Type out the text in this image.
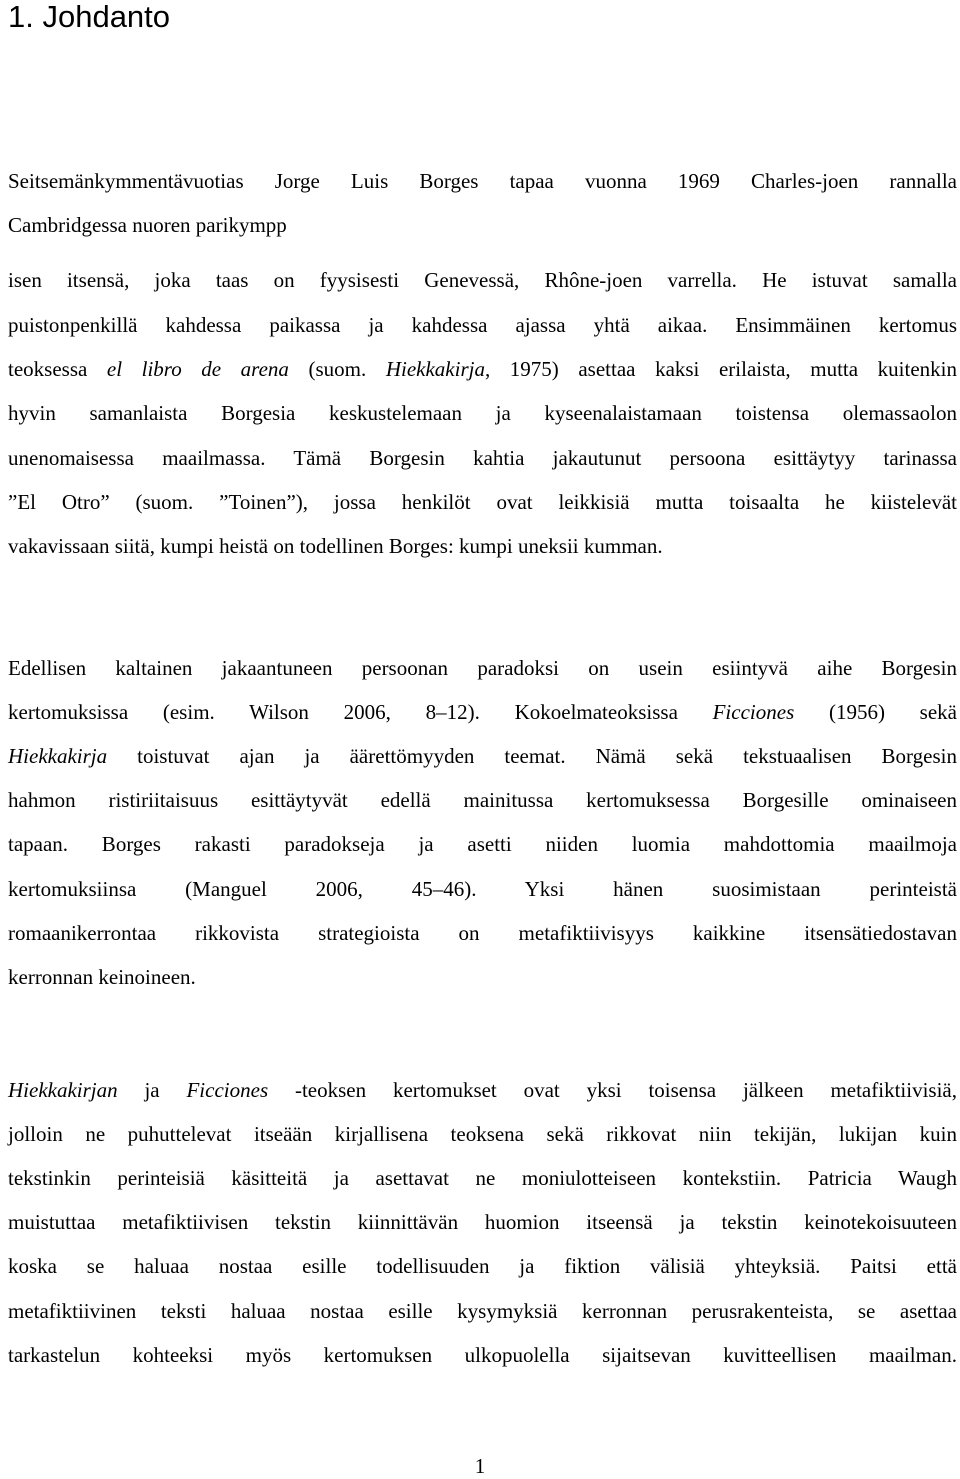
1. Johdanto
Seitsemänkymmentävuotias Jorge Luis Borges tapaa vuonna 1969 Charles-joen rannalla
Cambridgessa nuoren parikympp
isen itsensä, joka taas on fyysisesti Genevessä, Rhône-joen varrella. He istuvat samalla
puistonpenkillä kahdessa paikassa ja kahdessa ajassa yhtä aikaa. Ensimmäinen kertomus
teoksessa el libro de arena (suom. Hiekkakirja, 1975) asettaa kaksi erilaista, mutta kuitenkin
hyvin samanlaista Borgesia keskustelemaan ja kyseenalaistamaan toistensa olemassaolon
unenomaisessa maailmassa. Tämä Borgesin kahtia jakautunut persoona esittäytyy tarinassa
”El Otro” (suom. ”Toinen”), jossa henkilöt ovat leikkisiä mutta toisaalta he kiistelevät
vakavissaan siitä, kumpi heistä on todellinen Borges: kumpi uneksii kumman.
Edellisen kaltainen jakaantuneen persoonan paradoksi on usein esiintyvä aihe Borgesin
kertomuksissa (esim. Wilson 2006, 8–12). Kokoelmateoksissa Ficciones (1956) sekä
Hiekkakirja toistuvat ajan ja äärettömyyden teemat. Nämä sekä tekstuaalisen Borgesin
hahmon ristiriitaisuus esittäytyvät edellä mainitussa kertomuksessa Borgesille ominaiseen
tapaan. Borges rakasti paradokseja ja asetti niiden luomia mahdottomia maailmoja
kertomuksiinsa (Manguel 2006, 45–46). Yksi hänen suosimistaan perinteistä
romaanikerrontaa rikkovista strategioista on metafiktiivisyys kaikkine itsensätiedostavan
kerronnan keinoineen.
Hiekkakirjan ja Ficciones -teoksen kertomukset ovat yksi toisensa jälkeen metafiktiivisiä,
jolloin ne puhuttelevat itseään kirjallisena teoksena sekä rikkovat niin tekijän, lukijan kuin
tekstinkin perinteisiä käsitteitä ja asettavat ne moniulotteiseen kontekstiin. Patricia Waugh
muistuttaa metafiktiivisen tekstin kiinnittävän huomion itseensä ja tekstin keinotekoisuuteen
koska se haluaa nostaa esille todellisuuden ja fiktion välisiä yhteyksiä. Paitsi että
metafiktiivinen teksti haluaa nostaa esille kysymyksiä kerronnan perusrakenteista, se asettaa
tarkastelun kohteeksi myös kertomuksen ulkopuolella sijaitsevan kuvitteellisen maailman.
1
